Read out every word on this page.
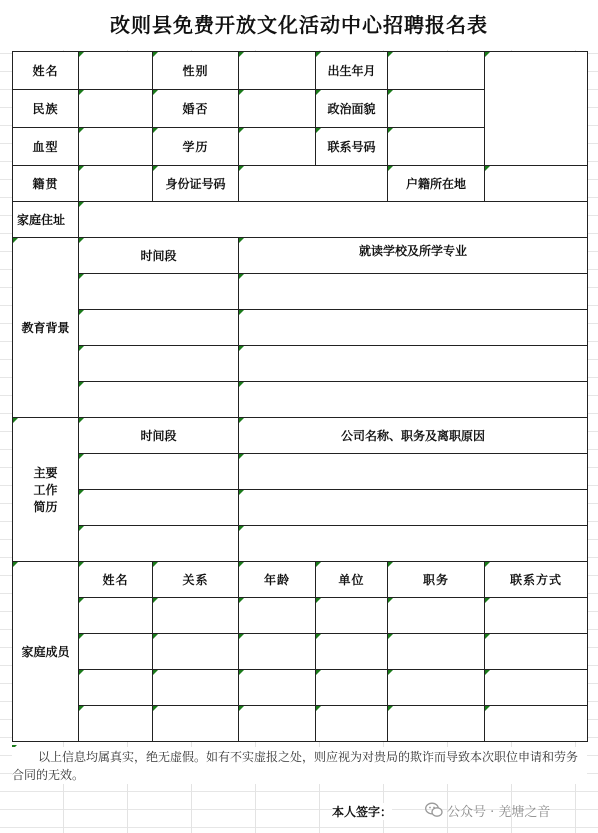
改则县免费开放文化活动中心招聘报名表
姓名		性别		出生年月		
民族		婚否		政治面貌		
血型		学历		联系号码		
籍贯		身份证号码			户籍所在地	
家庭住址						
教育背景	时间段		就读学校及所学专业			

主要
工作
简历	时间段		公司名称、职务及离职原因			

家庭成员	姓名	关系	年龄	单位	职务	联系方式

以上信息均属真实，绝无虚假。如有不实虚报之处，则应视为对贵局的欺诈而导致本次职位申请和劳务合同的无效。
本人签字：	公众号 · 羌塘之音
